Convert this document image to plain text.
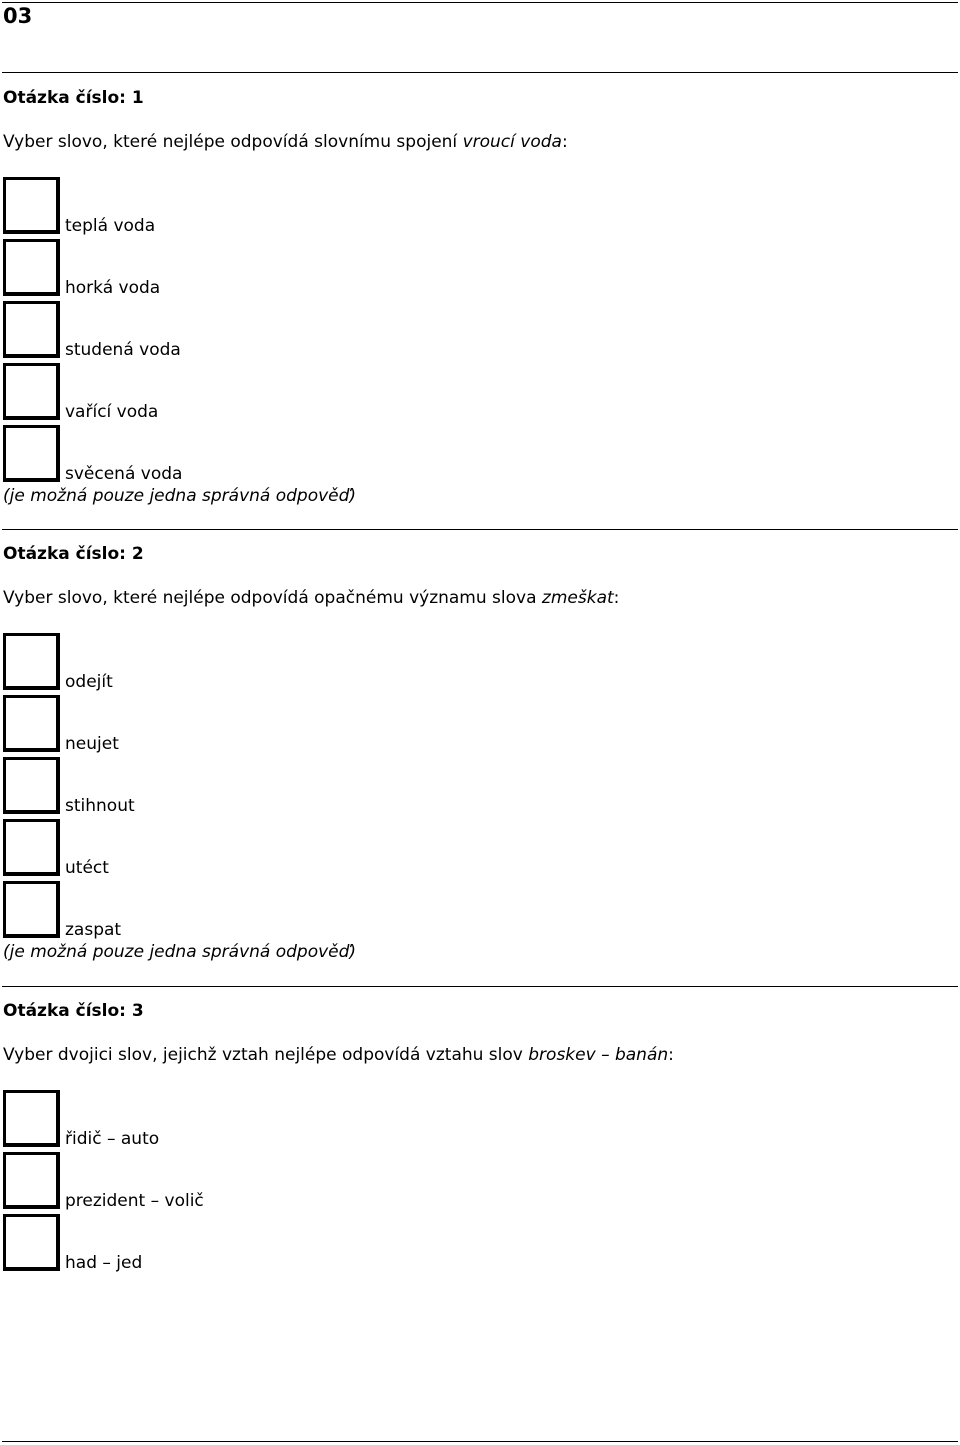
03
Otázka číslo: 1
Vyber slovo, které nejlépe odpovídá slovnímu spojení vroucí voda:
teplá voda
horká voda
studená voda
vařící voda
svěcená voda
(je možná pouze jedna správná odpověď)
Otázka číslo: 2
Vyber slovo, které nejlépe odpovídá opačnému významu slova zmeškat:
odejít
neujet
stihnout
utéct
zaspat
(je možná pouze jedna správná odpověď)
Otázka číslo: 3
Vyber dvojici slov, jejichž vztah nejlépe odpovídá vztahu slov broskev – banán:
řidič – auto
prezident – volič
had – jed
